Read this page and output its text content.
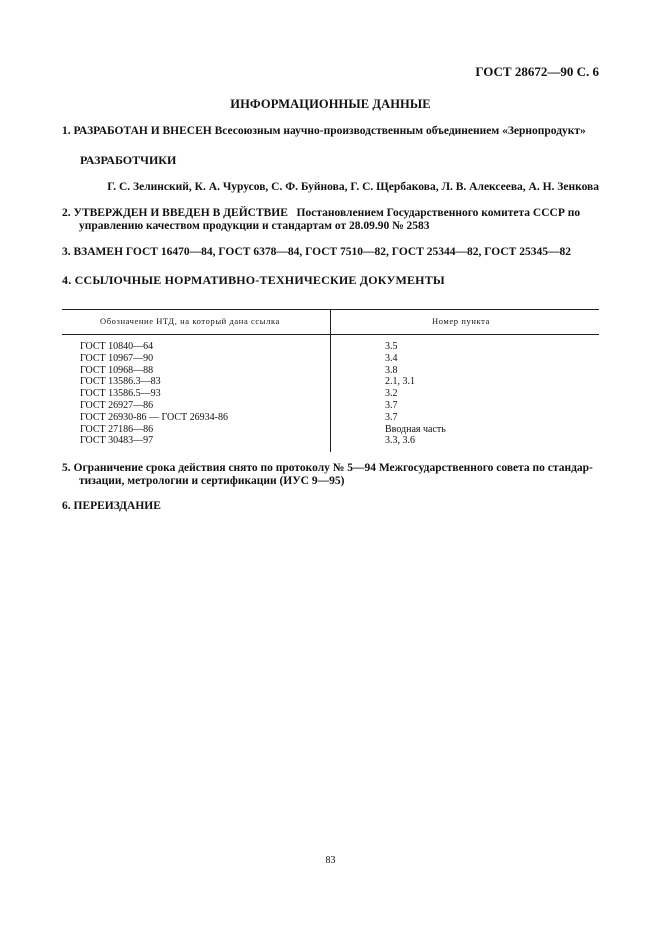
ГОСТ 28672—90 С. 6
ИНФОРМАЦИОННЫЕ ДАННЫЕ
1. РАЗРАБОТАН И ВНЕСЕН Всесоюзным научно-производственным объединением «Зернопродукт»
РАЗРАБОТЧИКИ
Г. С. Зелинский, К. А. Чурусов, С. Ф. Буйнова, Г. С. Щербакова, Л. В. Алексеева, А. Н. Зенкова
2. УТВЕРЖДЕН И ВВЕДЕН В ДЕЙСТВИЕ Постановлением Государственного комитета СССР по
управлению качеством продукции и стандартам от 28.09.90 № 2583
3. ВЗАМЕН ГОСТ 16470—84, ГОСТ 6378—84, ГОСТ 7510—82, ГОСТ 25344—82, ГОСТ 25345—82
4. ССЫЛОЧНЫЕ НОРМАТИВНО-ТЕХНИЧЕСКИЕ ДОКУМЕНТЫ
Обозначение НТД, на который дана ссылка	Номер пункта
ГОСТ 10840—64
ГОСТ 10967—90
ГОСТ 10968—88
ГОСТ 13586.3—83
ГОСТ 13586.5—93
ГОСТ 26927—86
ГОСТ 26930-86 — ГОСТ 26934-86
ГОСТ 27186—86
ГОСТ 30483—97
3.5
3.4
3.8
2.1, 3.1
3.2
3.7
3.7
Вводная часть
3.3, 3.6
5. Ограничение срока действия снято по протоколу № 5—94 Межгосударственного совета по стандар-
тизации, метрологии и сертификации (ИУС 9—95)
6. ПЕРЕИЗДАНИЕ
83
